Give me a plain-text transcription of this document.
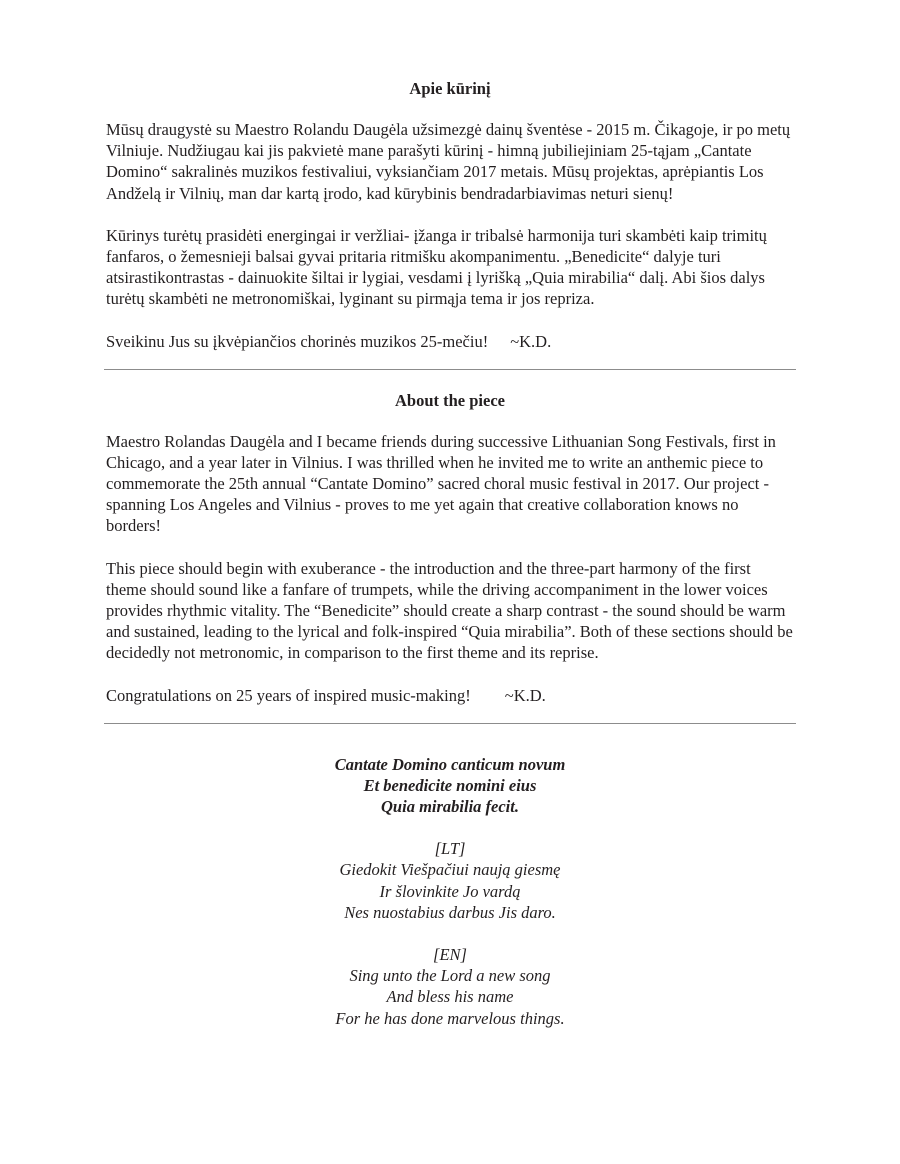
Apie kūrinį

Mūsų draugystė su Maestro Rolandu Daugėla užsimezgė dainų šventėse - 2015 m. Čikagoje, ir po metų Vilniuje. Nudžiugau kai jis pakvietė mane parašyti kūrinį - himną jubiliejiniam 25-tąjam „Cantate Domino“ sakralinės muzikos festivaliui, vyksiančiam 2017 metais. Mūsų projektas, aprėpiantis Los Andželą ir Vilnių, man dar kartą įrodo, kad kūrybinis bendradarbiavimas neturi sienų!

Kūrinys turėtų prasidėti energingai ir veržliai- įžanga ir tribalsė harmonija turi skambėti kaip trimitų fanfaros, o žemesnieji balsai gyvai pritaria ritmišku akompanimentu. „Benedicite“ dalyje turi atsirastikontrastas - dainuokite šiltai ir lygiai, vesdami į lyrišką „Quia mirabilia“ dalį. Abi šios dalys turėtų skambėti ne metronomiškai, lyginant su pirmąja tema ir jos repriza.

Sveikinu Jus su įkvėpiančios chorinės muzikos 25-mečiu! ~K.D.

About the piece

Maestro Rolandas Daugėla and I became friends during successive Lithuanian Song Festivals, first in Chicago, and a year later in Vilnius. I was thrilled when he invited me to write an anthemic piece to commemorate the 25th annual “Cantate Domino” sacred choral music festival in 2017. Our project - spanning Los Angeles and Vilnius - proves to me yet again that creative collaboration knows no borders!

This piece should begin with exuberance - the introduction and the three-part harmony of the first theme should sound like a fanfare of trumpets, while the driving accompaniment in the lower voices provides rhythmic vitality. The “Benedicite” should create a sharp contrast - the sound should be warm and sustained, leading to the lyrical and folk-inspired “Quia mirabilia”. Both of these sections should be decidedly not metronomic, in comparison to the first theme and its reprise.

Congratulations on 25 years of inspired music-making! ~K.D.

Cantate Domino canticum novum
Et benedicite nomini eius
Quia mirabilia fecit.
[LT]
Giedokit Viešpačiui naują giesmę
Ir šlovinkite Jo vardą
Nes nuostabius darbus Jis daro.
[EN]
Sing unto the Lord a new song
And bless his name
For he has done marvelous things.
